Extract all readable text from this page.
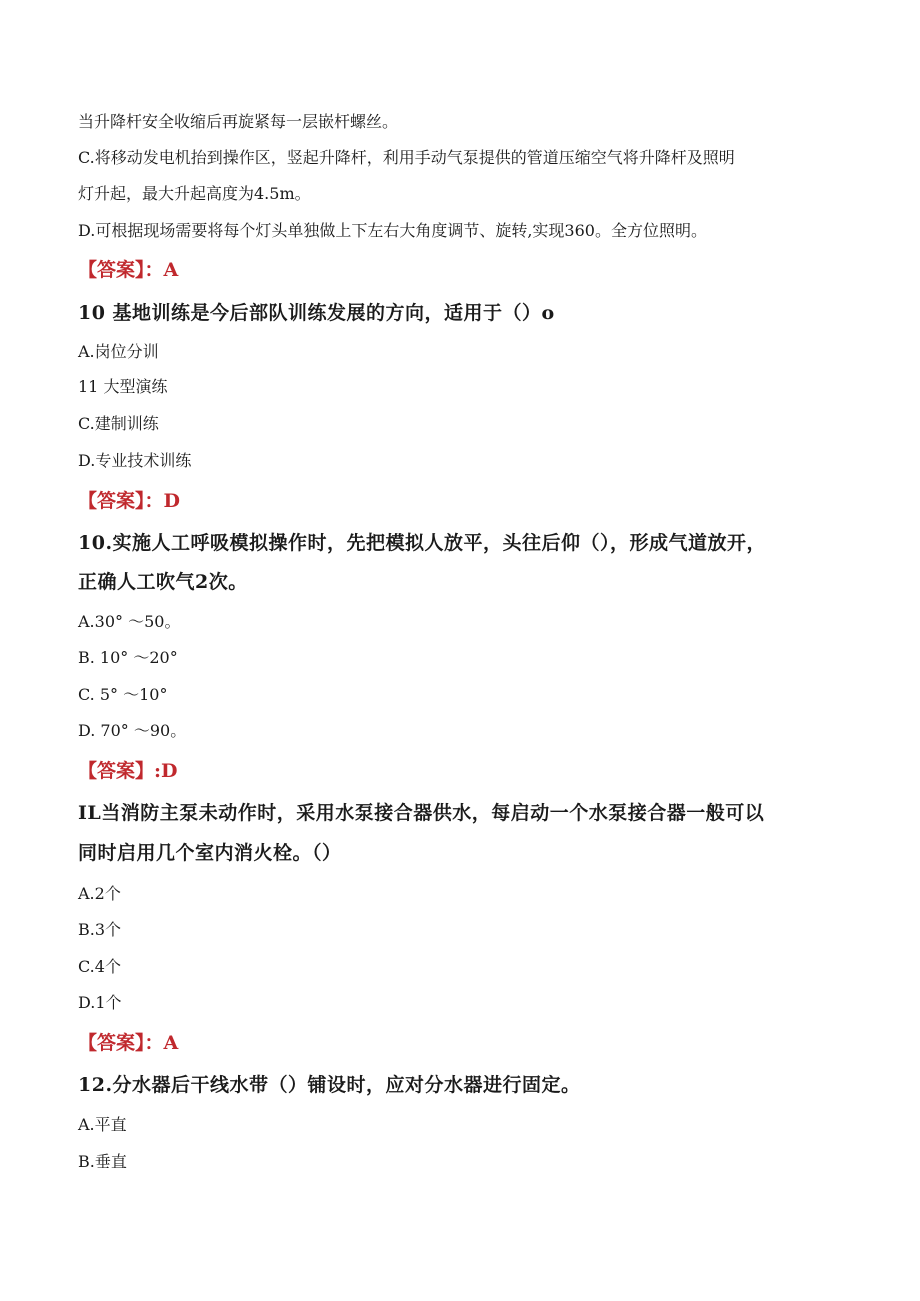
当升降杆安全收缩后再旋紧每一层嵌杆螺丝。
C.将移动发电机抬到操作区，竖起升降杆，利用手动气泵提供的管道压缩空气将升降杆及照明
灯升起，最大升起高度为4.5m。
D.可根据现场需要将每个灯头单独做上下左右大角度调节、旋转,实现360。全方位照明。
【答案】：A
10 基地训练是今后部队训练发展的方向，适用于（）o
A.岗位分训
11 大型演练
C.建制训练
D.专业技术训练
【答案】：D
10.实施人工呼吸模拟操作时，先把模拟人放平，头往后仰（），形成气道放开，
正确人工吹气2次。
A.30° ～50。
B. 10° ～20°
C. 5° ～10°
D. 70° ～90。
【答案】:D
IL当消防主泵未动作时，采用水泵接合器供水，每启动一个水泵接合器一般可以
同时启用几个室内消火栓。（）
A.2个
B.3个
C.4个
D.1个
【答案】：A
12.分水器后干线水带（）铺设时，应对分水器进行固定。
A.平直
B.垂直
